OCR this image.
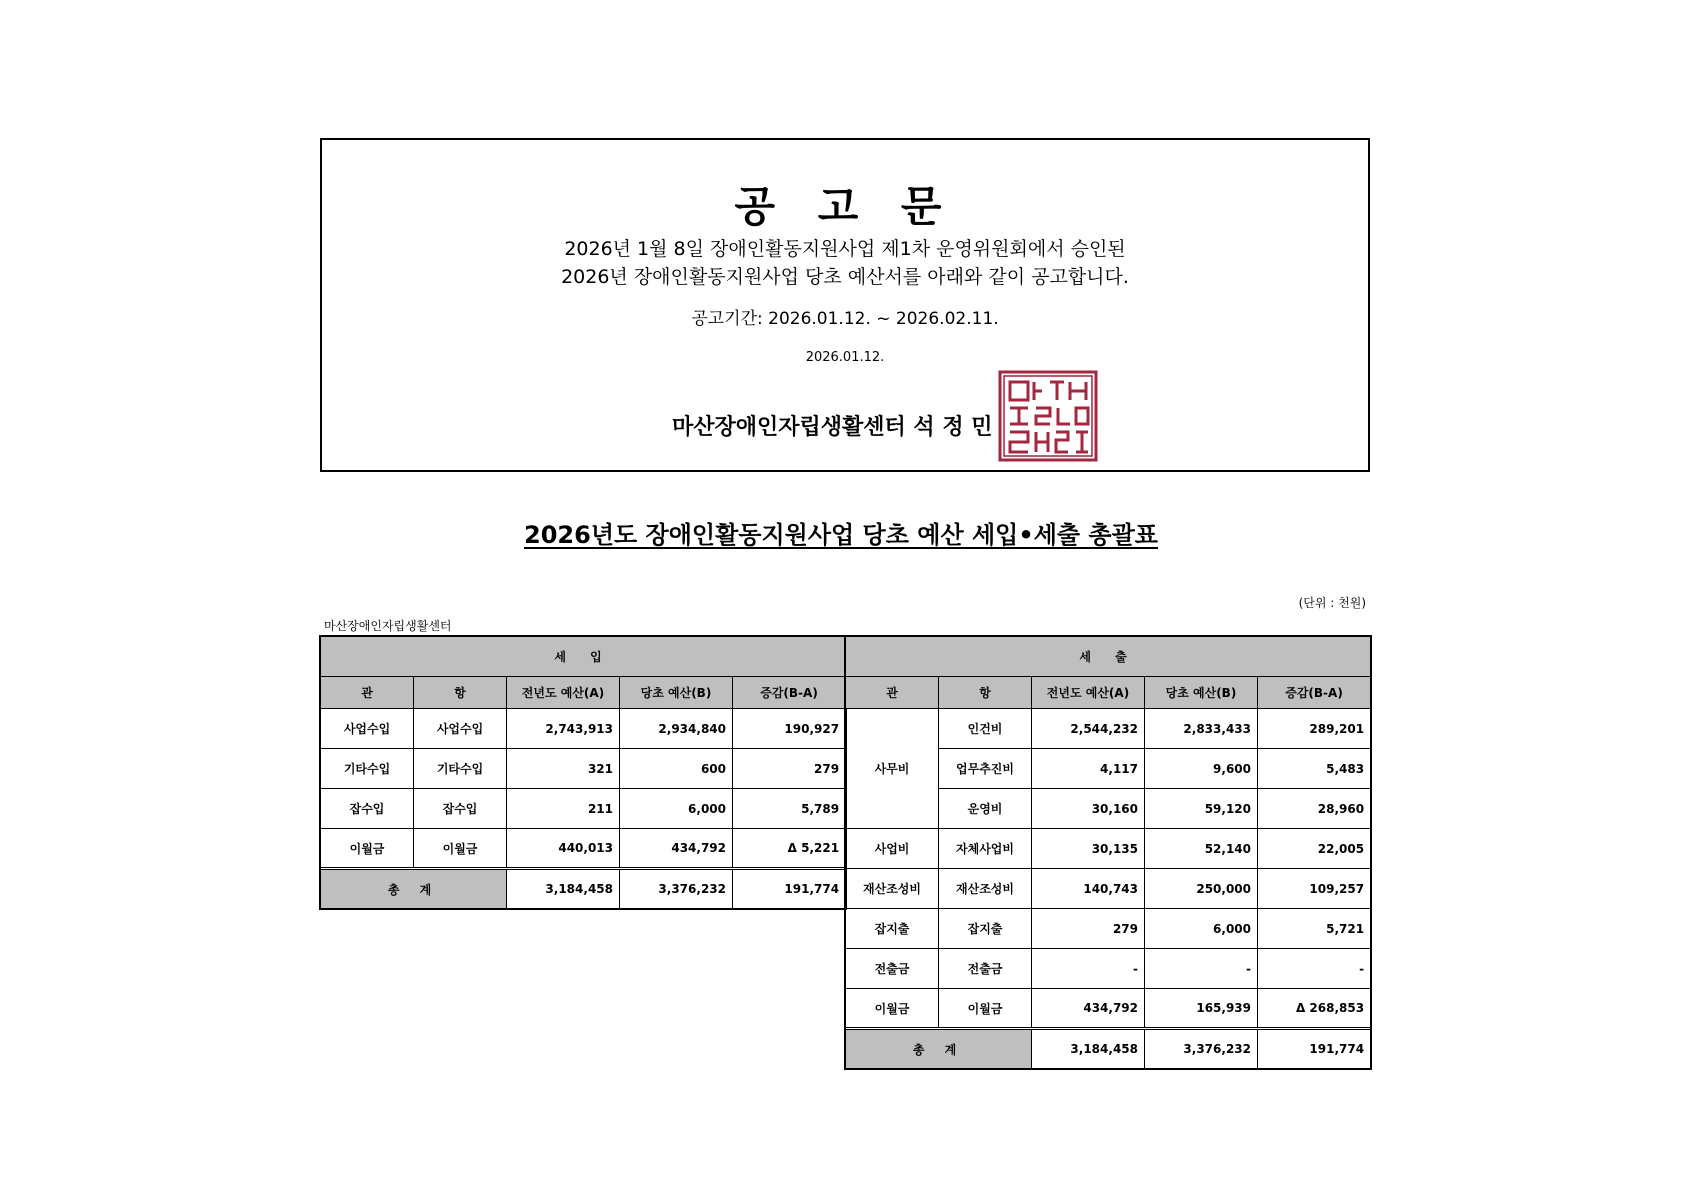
공 고 문
2026년 1월 8일 장애인활동지원사업 제1차 운영위원회에서 승인된
2026년 장애인활동지원사업 당초 예산서를 아래와 같이 공고합니다.
공고기간: 2026.01.12. ~ 2026.02.11.
2026.01.12.
마산장애인자립생활센터 석 정 민
2026년도 장애인활동지원사업 당초 예산 세입•세출 총괄표
(단위 : 천원)
마산장애인자립생활센터
세 입				
관	항	전년도 예산(A)	당초 예산(B)	증감(B-A)
사업수입	사업수입	2,743,913	2,934,840	190,927
기타수입	기타수입	321	600	279
잡수입	잡수입	211	6,000	5,789
이월금	이월금	440,013	434,792	Δ 5,221
총 계		3,184,458	3,376,232	191,774
세 출				
관	항	전년도 예산(A)	당초 예산(B)	증감(B-A)
사무비	인건비	2,544,232	2,833,433	289,201
	업무추진비	4,117	9,600	5,483
	운영비	30,160	59,120	28,960
사업비	자체사업비	30,135	52,140	22,005
재산조성비	재산조성비	140,743	250,000	109,257
잡지출	잡지출	279	6,000	5,721
전출금	전출금	-	-	-
이월금	이월금	434,792	165,939	Δ 268,853
총 계		3,184,458	3,376,232	191,774
